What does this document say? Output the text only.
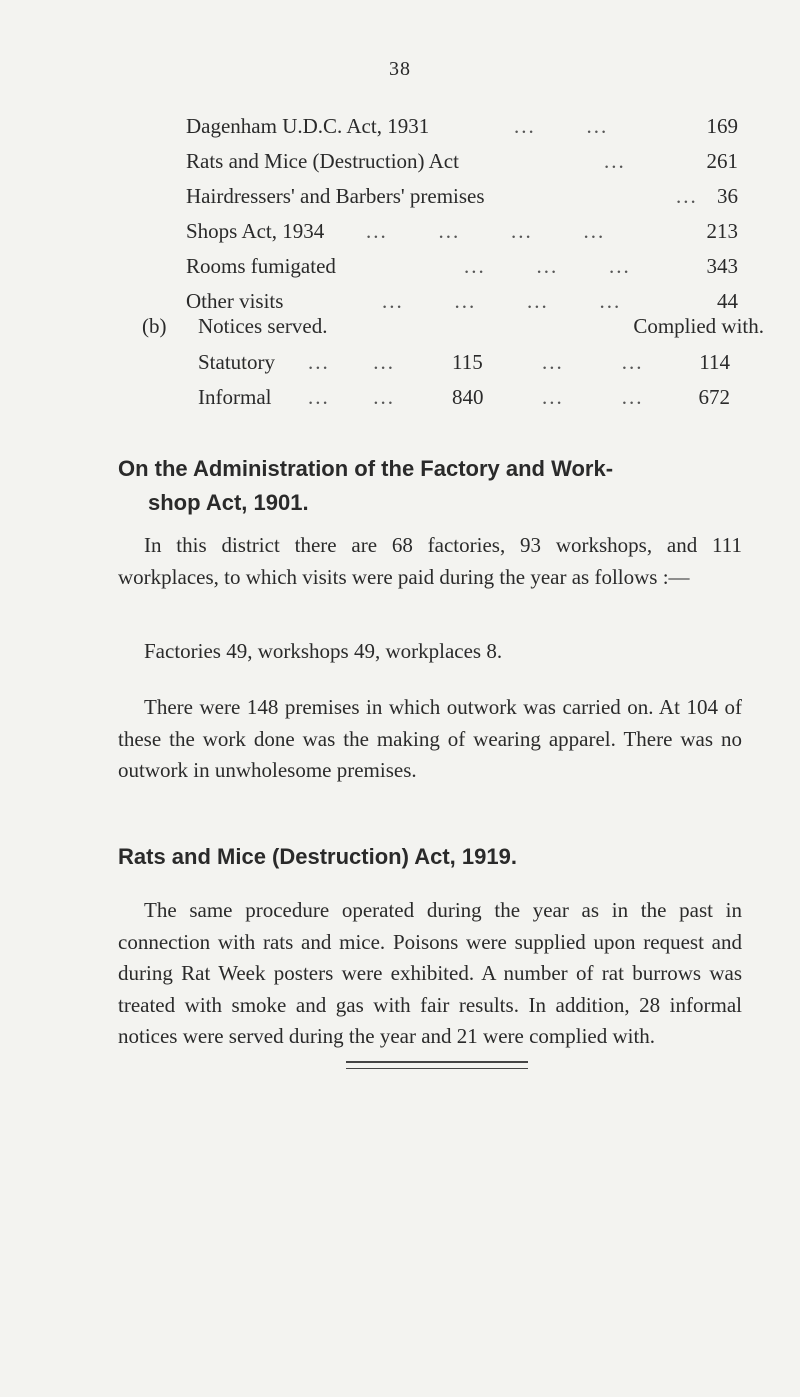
38
Dagenham U.D.C. Act, 1931	...       ...	169
Rats and Mice (Destruction) Act	...	261
Hairdressers' and Barbers' premises	... 36
Shops Act, 1934 ...       ...       ...       ...	213
Rooms fumigated	...       ...       ...	343
Other visits	...       ...       ...       ...	44
(b) Notices served.	Complied with.
Statutory ...      ...	115	...        ...	114
Informal ...      ...	840	...        ...	672
On the Administration of the Factory and Work-
shop Act, 1901.
In this district there are 68 factories, 93 workshops, and 111 workplaces, to which visits were paid during the year as follows :—
Factories 49, workshops 49, workplaces 8.
There were 148 premises in which outwork was carried on. At 104 of these the work done was the making of wearing apparel. There was no outwork in unwholesome premises.
Rats and Mice (Destruction) Act, 1919.
The same procedure operated during the year as in the past in connection with rats and mice. Poisons were supplied upon request and during Rat Week posters were exhibited. A number of rat burrows was treated with smoke and gas with fair results. In addition, 28 informal notices were served during the year and 21 were complied with.
